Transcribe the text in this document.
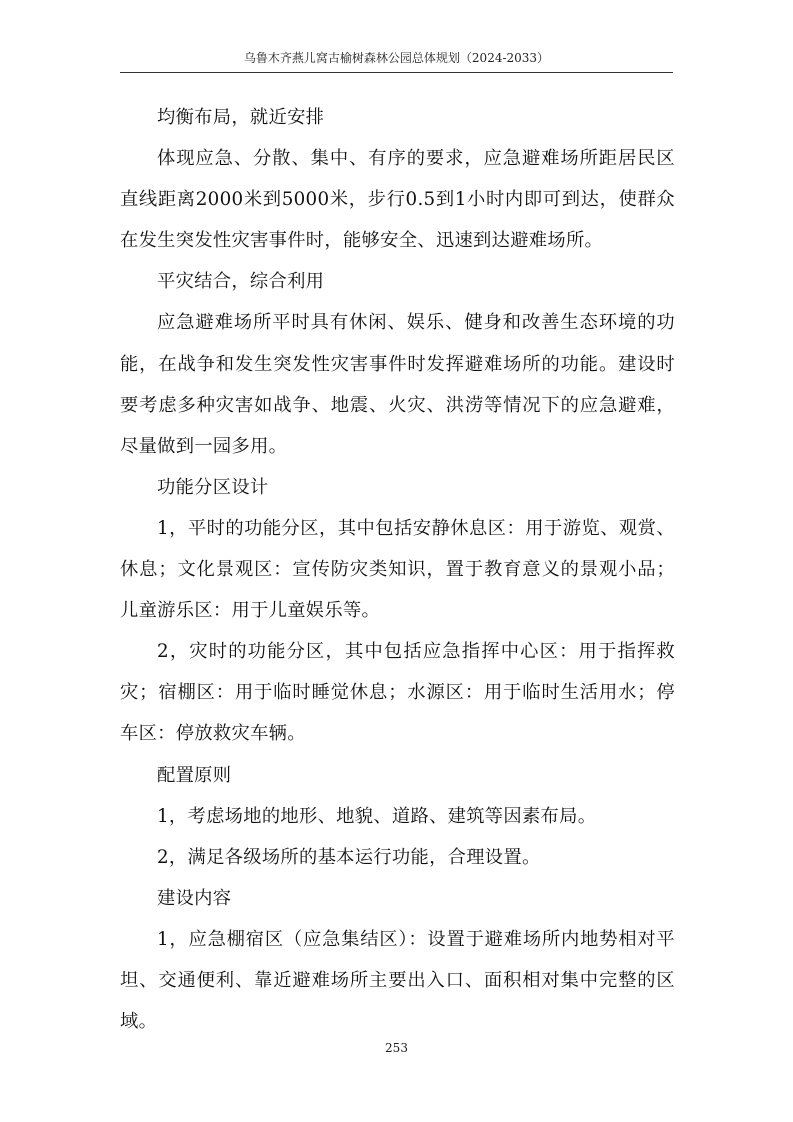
乌鲁木齐燕儿窝古榆树森林公园总体规划（2024-2033）

均衡布局，就近安排

体现应急、分散、集中、有序的要求，应急避难场所距居民区直线距离2000米到5000米，步行0.5到1小时内即可到达，使群众在发生突发性灾害事件时，能够安全、迅速到达避难场所。

平灾结合，综合利用

应急避难场所平时具有休闲、娱乐、健身和改善生态环境的功能，在战争和发生突发性灾害事件时发挥避难场所的功能。建设时要考虑多种灾害如战争、地震、火灾、洪涝等情况下的应急避难，尽量做到一园多用。

功能分区设计

1，平时的功能分区，其中包括安静休息区：用于游览、观赏、休息；文化景观区：宣传防灾类知识，置于教育意义的景观小品；儿童游乐区：用于儿童娱乐等。

2，灾时的功能分区，其中包括应急指挥中心区：用于指挥救灾；宿棚区：用于临时睡觉休息；水源区：用于临时生活用水；停车区：停放救灾车辆。

配置原则

1，考虑场地的地形、地貌、道路、建筑等因素布局。

2，满足各级场所的基本运行功能，合理设置。

建设内容

1，应急棚宿区（应急集结区）：设置于避难场所内地势相对平坦、交通便利、靠近避难场所主要出入口、面积相对集中完整的区域。

253
